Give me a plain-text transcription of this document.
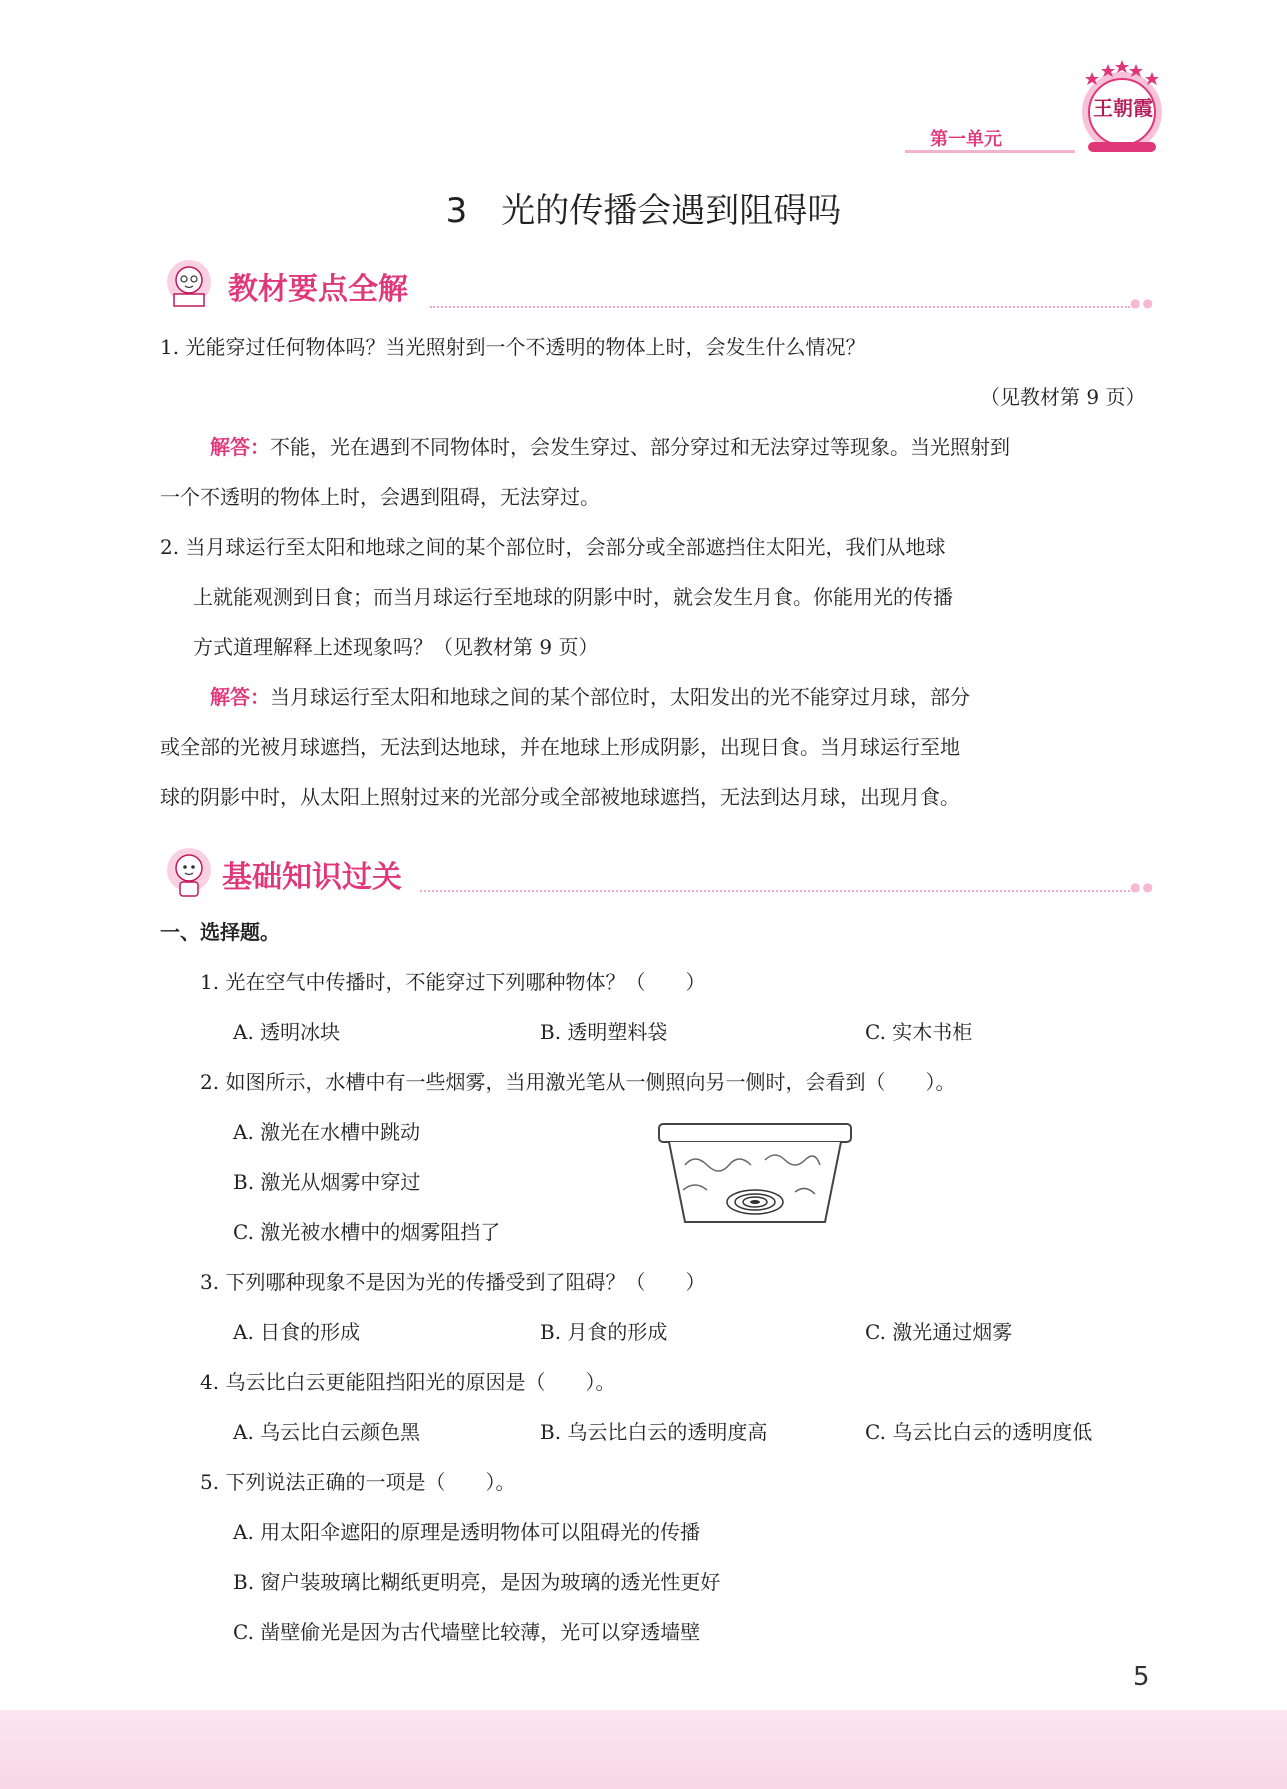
第一单元
王朝霞
3　光的传播会遇到阻碍吗
教材要点全解	●●
1. 光能穿过任何物体吗？当光照射到一个不透明的物体上时，会发生什么情况？
（见教材第 9 页）
解答：不能，光在遇到不同物体时，会发生穿过、部分穿过和无法穿过等现象。当光照射到
一个不透明的物体上时，会遇到阻碍，无法穿过。
2. 当月球运行至太阳和地球之间的某个部位时，会部分或全部遮挡住太阳光，我们从地球
上就能观测到日食；而当月球运行至地球的阴影中时，就会发生月食。你能用光的传播
方式道理解释上述现象吗？（见教材第 9 页）
解答：当月球运行至太阳和地球之间的某个部位时，太阳发出的光不能穿过月球，部分
或全部的光被月球遮挡，无法到达地球，并在地球上形成阴影，出现日食。当月球运行至地
球的阴影中时，从太阳上照射过来的光部分或全部被地球遮挡，无法到达月球，出现月食。
基础知识过关	●●
一、选择题。
1. 光在空气中传播时，不能穿过下列哪种物体？（　　）
A. 透明冰块	B. 透明塑料袋	C. 实木书柜
2. 如图所示，水槽中有一些烟雾，当用激光笔从一侧照向另一侧时，会看到（　　）。
A. 激光在水槽中跳动
B. 激光从烟雾中穿过
C. 激光被水槽中的烟雾阻挡了
3. 下列哪种现象不是因为光的传播受到了阻碍？（　　）
A. 日食的形成	B. 月食的形成	C. 激光通过烟雾
4. 乌云比白云更能阻挡阳光的原因是（　　）。
A. 乌云比白云颜色黑	B. 乌云比白云的透明度高	C. 乌云比白云的透明度低
5. 下列说法正确的一项是（　　）。
A. 用太阳伞遮阳的原理是透明物体可以阻碍光的传播
B. 窗户装玻璃比糊纸更明亮，是因为玻璃的透光性更好
C. 凿壁偷光是因为古代墙壁比较薄，光可以穿透墙壁
5
